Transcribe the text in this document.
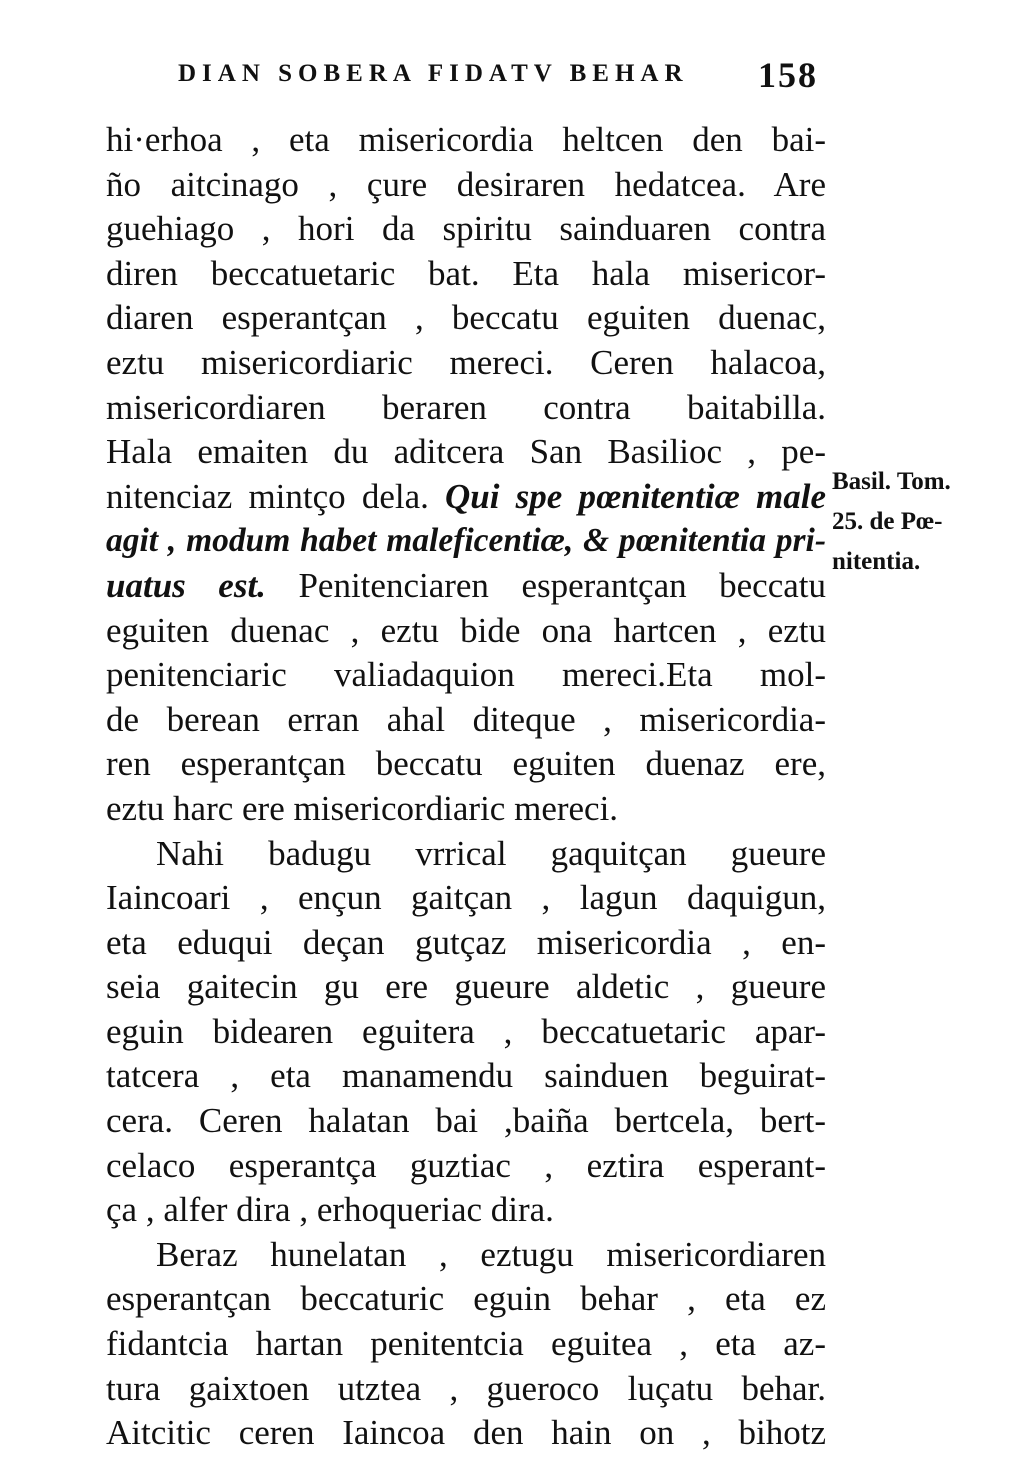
DIAN SOBERA FIDATV BEHAR 158
hi·erhoa , eta misericordia heltcen den bai-
ño aitcinago , çure desiraren hedatcea. Are
guehiago , hori da spiritu sainduaren contra
diren beccatuetaric bat. Eta hala misericor-
diaren esperantçan , beccatu eguiten duenac,
eztu misericordiaric mereci. Ceren halacoa,
misericordiaren beraren contra baitabilla.
Hala emaiten du aditcera San Basilioc , pe-
nitenciaz mintço dela. Qui spe pœnitentiæ male
agit , modum habet maleficentiæ, & pœnitentia pri-
uatus est. Penitenciaren esperantçan beccatu
eguiten duenac , eztu bide ona hartcen , eztu
penitenciaric valiadaquion mereci.Eta mol-
de berean erran ahal diteque , misericordia-
ren esperantçan beccatu eguiten duenaz ere,
eztu harc ere misericordiaric mereci.
Nahi badugu vrrical gaquitçan gueure
Iaincoari , ençun gaitçan , lagun daquigun,
eta eduqui deçan gutçaz misericordia , en-
seia gaitecin gu ere gueure aldetic , gueure
eguin bidearen eguitera , beccatuetaric apar-
tatcera , eta manamendu sainduen beguirat-
cera. Ceren halatan bai ,baiña bertcela, bert-
celaco esperantça guztiac , eztira esperant-
ça , alfer dira , erhoqueriac dira.
Beraz hunelatan , eztugu misericordiaren
esperantçan beccaturic eguin behar , eta ez
fidantcia hartan penitentcia eguitea , eta az-
tura gaixtoen utztea , gueroco luçatu behar.
Aitcitic ceren Iaincoa den hain on , bihotz
Basil. Tom.
25. de Pœ-
nitentia.
